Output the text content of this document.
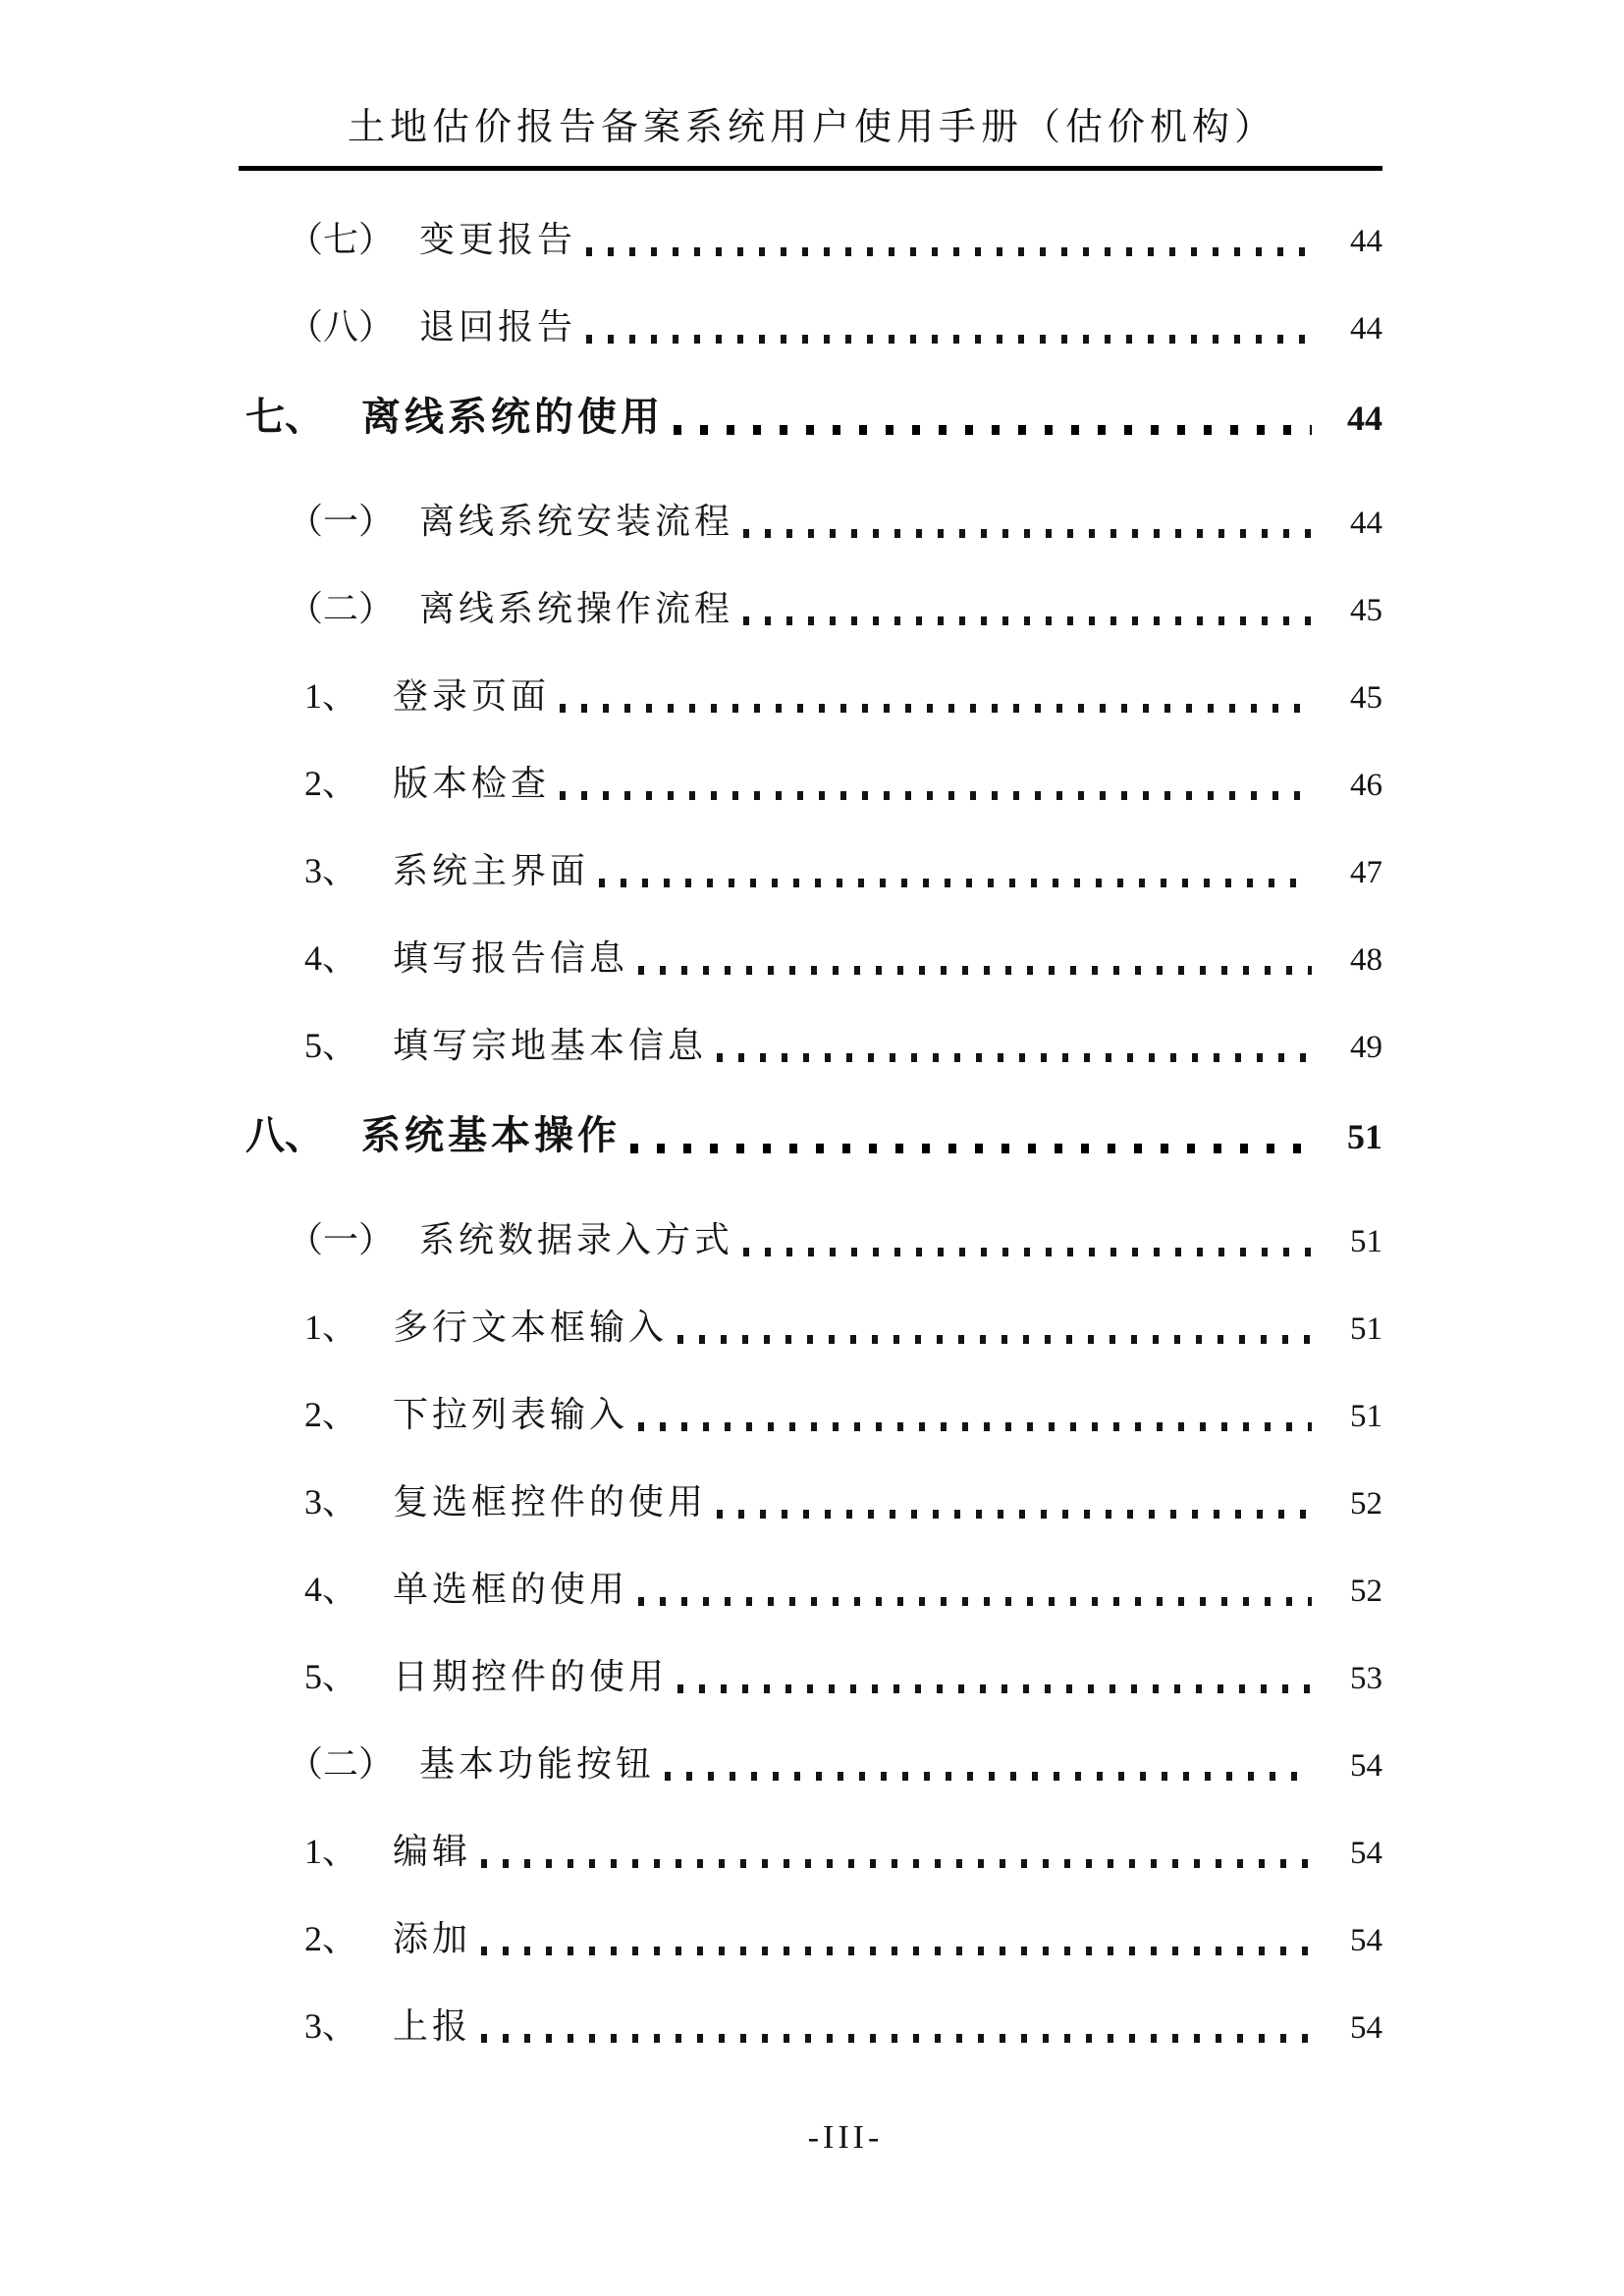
土地估价报告备案系统用户使用手册（估价机构）
（七） 变更报告	44
（八） 退回报告	44
七、 离线系统的使用	44
（一） 离线系统安装流程	44
（二） 离线系统操作流程	45
1、 登录页面	45
2、 版本检查	46
3、 系统主界面	47
4、 填写报告信息	48
5、 填写宗地基本信息	49
八、 系统基本操作	51
（一） 系统数据录入方式	51
1、 多行文本框输入	51
2、 下拉列表输入	51
3、 复选框控件的使用	52
4、 单选框的使用	52
5、 日期控件的使用	53
（二） 基本功能按钮	54
1、 编辑	54
2、 添加	54
3、 上报	54
-III-
